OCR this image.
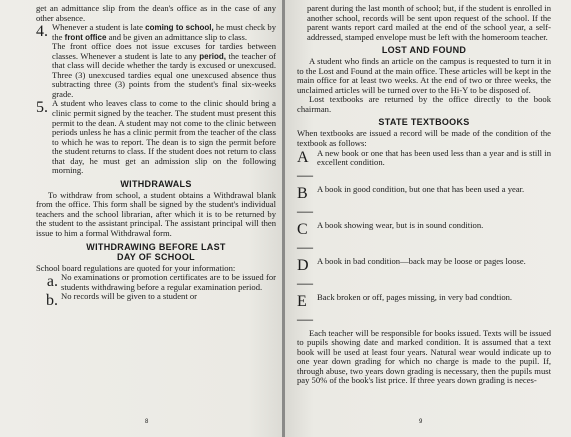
get an admittance slip from the dean's office as in the case of any other absence.

4. Whenever a student is late coming to school, he must check by the front office and be given an admittance slip to class.

The front office does not issue excuses for tardies between classes. Whenever a student is late to any period, the teacher of that class will decide whether the tardy is excused or unexcused. Three (3) unexcused tardies equal one unexcused absence thus subtracting three (3) points from the student's final six-weeks grade.

5. A student who leaves class to come to the clinic should bring a clinic permit signed by the teacher. The student must present this permit to the dean. A student may not come to the clinic between periods unless he has a clinic permit from the teacher of the class to which he was to report. The dean is to sign the permit before the student returns to class. If the student does not return to class that day, he must get an admission slip on the following morning.

WITHDRAWALS

To withdraw from school, a student obtains a Withdrawal blank from the office. This form shall be signed by the student's individual teachers and the school librarian, after which it is to be returned by the student to the assistant principal. The assistant principal will then issue to him a formal Withdrawal form.

WITHDRAWING BEFORE LAST
DAY OF SCHOOL

School board regulations are quoted for your information:

a. No examinations or promotion certificates are to be issued for students withdrawing before a regular examination period.

b. No records will be given to a student or

8

parent during the last month of school; but, if the student is enrolled in another school, records will be sent upon request of the school. If the parent wants report card mailed at the end of the school year, a self-addressed, stamped envelope must be left with the homeroom teacher.

LOST AND FOUND

A student who finds an article on the campus is requested to turn it in to the Lost and Found at the main office. These articles will be kept in the main office for at least two weeks. At the end of two or three weeks, the unclaimed articles will be turned over to the Hi-Y to be disposed of.

Lost textbooks are returned by the office directly to the book chairman.

STATE TEXTBOOKS

When textbooks are issued a record will be made of the condition of the textbook as follows:

A—

A new book or one that has been used less than a year and is still in excellent condition.

B—

A book in good condition, but one that has been used a year.

C—

A book showing wear, but is in sound condition.

D—

A book in bad condition—back may be loose or pages loose.

E—

Back broken or off, pages missing, in very bad condtion.

Each teacher will be responsible for books issued. Texts will be issued to pupils showing date and marked condition. It is assumed that a text book will be used at least four years. Natural wear would indicate up to one year down grading for which no charge is made to the pupil. If, through abuse, two years down grading is necessary, then the pupils must pay 50% of the book's list price. If three years down grading is neces-

9
